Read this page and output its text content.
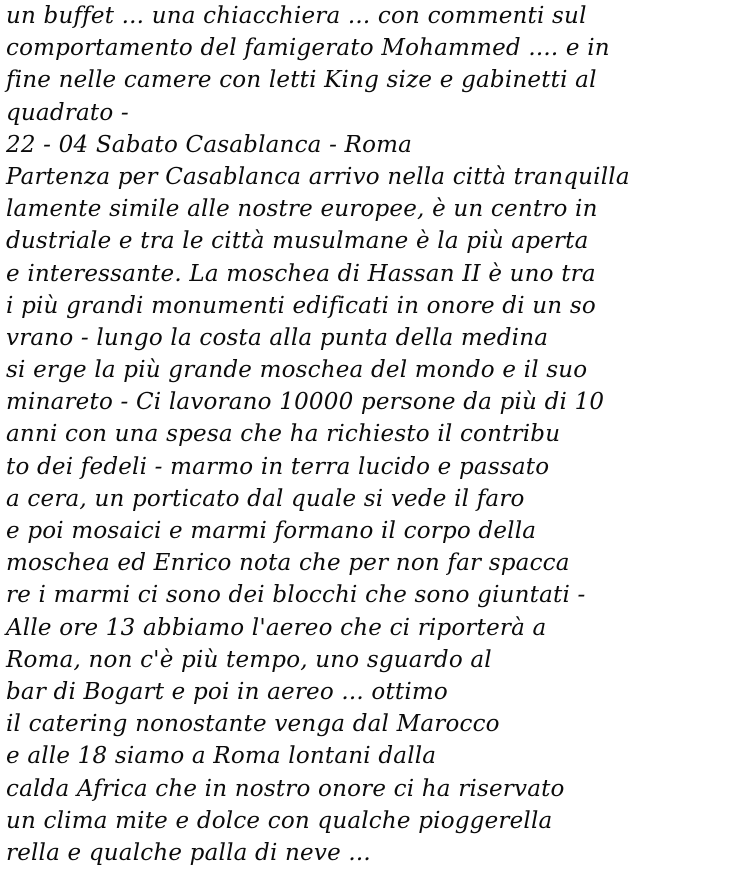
un buffet ... una chiacchiera ... con commenti sul
comportamento del famigerato Mohammed .... e in
fine nelle camere con letti King size e gabinetti al
quadrato -
22 - 04 Sabato Casablanca - Roma
Partenza per Casablanca arrivo nella città tranquilla
lamente simile alle nostre europee, è un centro in
dustriale e tra le città musulmane è la più aperta
e interessante. La moschea di Hassan II è uno tra
i più grandi monumenti edificati in onore di un so
vrano - lungo la costa alla punta della medina
si erge la più grande moschea del mondo e il suo
minareto - Ci lavorano 10000 persone da più di 10
anni con una spesa che ha richiesto il contribu
to dei fedeli - marmo in terra lucido e passato
a cera, un porticato dal quale si vede il faro
e poi mosaici e marmi formano il corpo della
moschea ed Enrico nota che per non far spacca
re i marmi ci sono dei blocchi che sono giuntati -
Alle ore 13 abbiamo l'aereo che ci riporterà a
Roma, non c'è più tempo, uno sguardo al
bar di Bogart e poi in aereo ... ottimo
il catering nonostante venga dal Marocco
e alle 18 siamo a Roma lontani dalla
calda Africa che in nostro onore ci ha riservato
un clima mite e dolce con qualche pioggerella
rella e qualche palla di neve ...
